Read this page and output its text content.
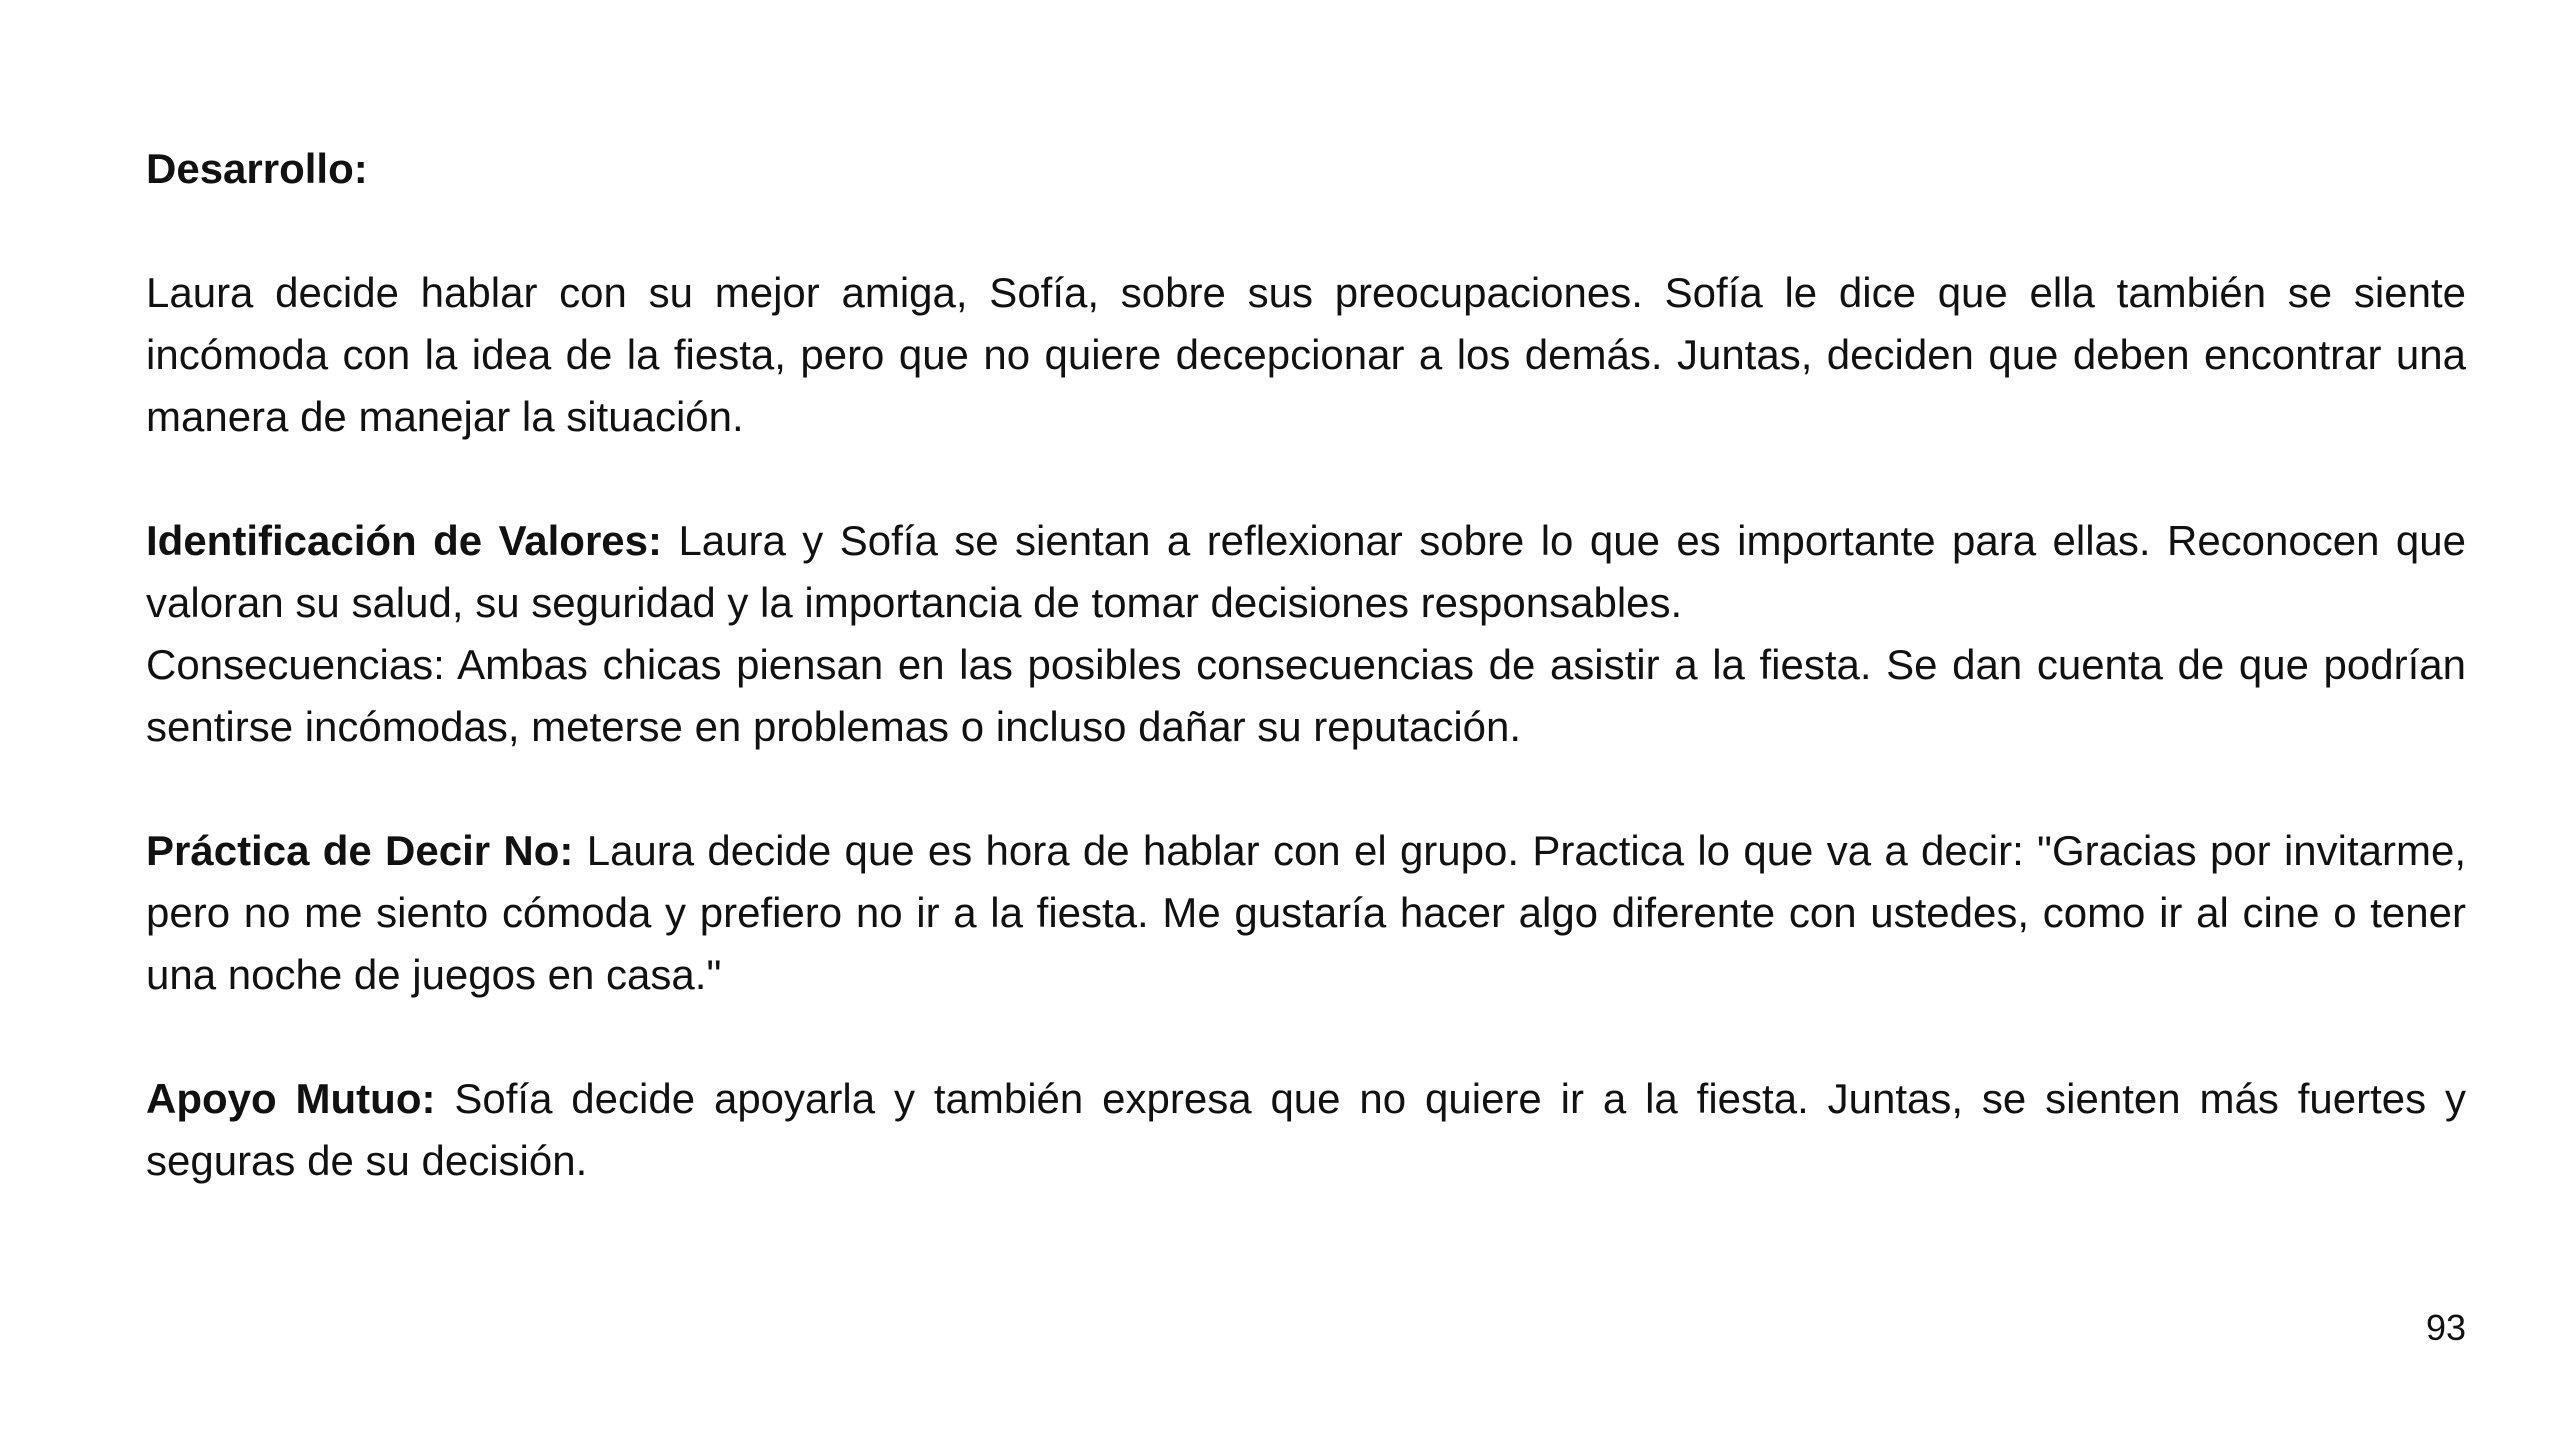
Desarrollo:

Laura decide hablar con su mejor amiga, Sofía, sobre sus preocupaciones. Sofía le dice que ella también se siente incómoda con la idea de la fiesta, pero que no quiere decepcionar a los demás. Juntas, deciden que deben encontrar una manera de manejar la situación.

Identificación de Valores: Laura y Sofía se sientan a reflexionar sobre lo que es importante para ellas. Reconocen que valoran su salud, su seguridad y la importancia de tomar decisiones responsables.

Consecuencias: Ambas chicas piensan en las posibles consecuencias de asistir a la fiesta. Se dan cuenta de que podrían sentirse incómodas, meterse en problemas o incluso dañar su reputación.

Práctica de Decir No: Laura decide que es hora de hablar con el grupo. Practica lo que va a decir: "Gracias por invitarme, pero no me siento cómoda y prefiero no ir a la fiesta. Me gustaría hacer algo diferente con ustedes, como ir al cine o tener una noche de juegos en casa."

Apoyo Mutuo: Sofía decide apoyarla y también expresa que no quiere ir a la fiesta. Juntas, se sienten más fuertes y seguras de su decisión.

93
